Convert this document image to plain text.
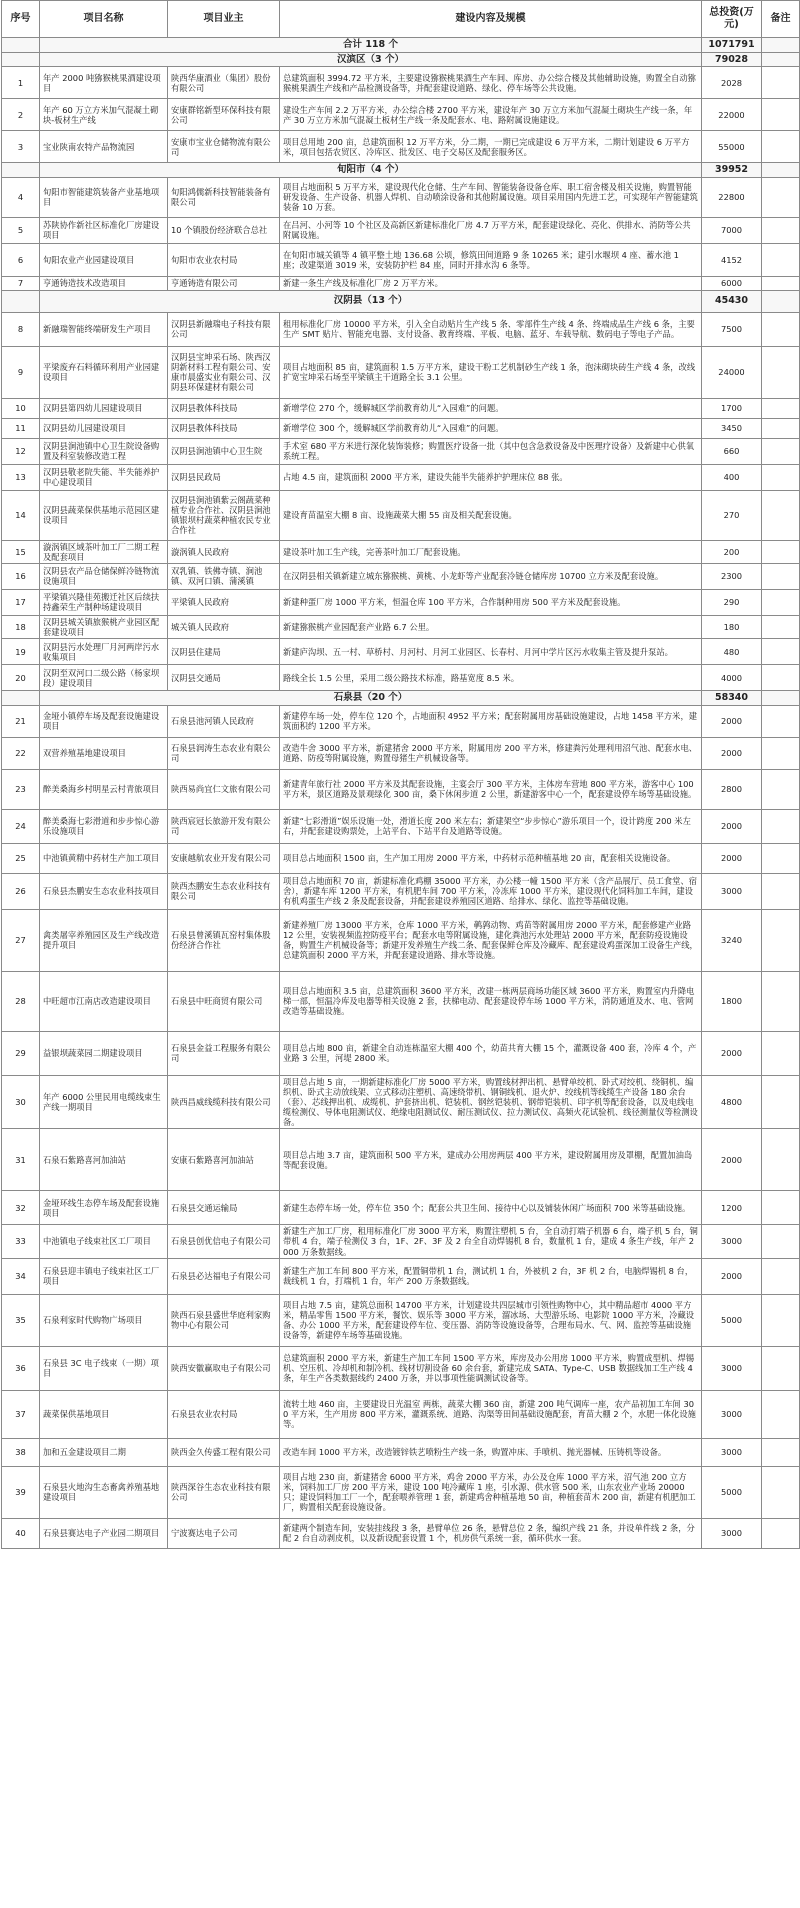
序号	项目名称	项目业主	建设内容及规模	总投资(万元)	备注
	合计 118 个			1071791	
	汉滨区（3 个）			79028	
1	年产 2000 吨猕猴桃果酒建设项目	陕西华康酒业（集团）股份有限公司	总建筑面积 3994.72 平方米，主要建设猕猴桃果酒生产车间、库房、办公综合楼及其他辅助设施，购置全自动猕猴桃果酒生产线和产品检测设备等，并配套建设道路、绿化、停车场等公共设施。	2028	
2	年产 60 万立方米加气混凝土砌块-板材生产线	安康群铭新型环保科技有限公司	建设生产车间 2.2 万平方米，办公综合楼 2700 平方米，建设年产 30 万立方米加气混凝土砌块生产线一条，年产 30 万立方米加气混凝土板材生产线一条及配套水、电、路附属设施建设。	22000	
3	宝业陕南农特产品物流园	安康市宝业仓储物流有限公司	项目总用地 200 亩，总建筑面积 12 万平方米，分二期，一期已完成建设 6 万平方米，二期计划建设 6 万平方米，项目包括农贸区、冷库区、批发区、电子交易区及配套服务区。	55000	
	旬阳市（4 个）			39952	
4	旬阳市智能建筑装备产业基地项目	旬阳鸿儒新科技智能装备有限公司	项目占地面积 5 万平方米，建设现代化仓储、生产车间、智能装备设备仓库、职工宿舍楼及相关设施，购置智能研发设备、生产设备、机器人焊机、自动喷涂设备和其他附属设施。项目采用国内先进工艺，可实现年产智能建筑装备 10 万套。	22800	
5	苏陕协作新社区标准化厂房建设项目	10 个镇股份经济联合总社	在吕河、小河等 10 个社区及高新区新建标准化厂房 4.7 万平方米，配套建设绿化、亮化、供排水、消防等公共附属设施。	7000	
6	旬阳农业产业园建设项目	旬阳市农业农村局	在旬阳市城关镇等 4 镇平整土地 136.68 公顷，修筑田间道路 9 条 10265 米；建引水堰坝 4 座、蓄水池 1 座；改建渠道 3019 米，安装防护栏 84 座，同时开排水沟 6 条等。	4152	
7	亨通铸造技术改造项目	亨通铸造有限公司	新建一条生产线及标准化厂房 2 万平方米。	6000	
	汉阴县（13 个）			45430	
8	新融瑞智能终端研发生产项目	汉阴县新融瑞电子科技有限公司	租用标准化厂房 10000 平方米，引入全自动贴片生产线 5 条、零部件生产线 4 条、终端成品生产线 6 条，主要生产 SMT 贴片、智能充电器、支付设备、教育终端、平板、电脑、蓝牙、车载导航、数码电子等电子产品。	7500	
9	平梁废弃石料循环利用产业园建设项目	汉阴县宝坤采石场、陕西汉阴新材料工程有限公司、安康市晨盛实业有限公司、汉阴县环保建材有限公司	项目占地面积 85 亩，建筑面积 1.5 万平方米，建设干粉工艺机制砂生产线 1 条，泡沫砌块砖生产线 4 条，改线扩宽宝坤采石场至平梁镇主干道路全长 3.1 公里。	24000	
10	汉阴县第四幼儿园建设项目	汉阴县教体科技局	新增学位 270 个，缓解城区学前教育幼儿“入园难”的问题。	1700	
11	汉阴县幼儿园建设项目	汉阴县教体科技局	新增学位 300 个，缓解城区学前教育幼儿“入园难”的问题。	3450	
12	汉阴县涧池镇中心卫生院设备购置及科室装修改造工程	汉阴县涧池镇中心卫生院	手术室 680 平方米进行深化装饰装修；购置医疗设备一批（其中包含急救设备及中医理疗设备）及新建中心供氧系统工程。	660	
13	汉阴县敬老院失能、半失能养护中心建设项目	汉阴县民政局	占地 4.5 亩，建筑面积 2000 平方米，建设失能半失能养护护理床位 88 张。	400	
14	汉阴县蔬菜保供基地示范园区建设项目	汉阴县涧池镇紫云阁蔬菜种植专业合作社、汉阴县涧池镇银坝村蔬菜种植农民专业合作社	建设育苗温室大棚 8 亩、设施蔬菜大棚 55 亩及相关配套设施。	270	
15	漩涡镇区域茶叶加工厂二期工程及配套项目	漩涡镇人民政府	建设茶叶加工生产线，完善茶叶加工厂配套设施。	200	
16	汉阴县农产品仓储保鲜冷链物流设施项目	双乳镇、铁佛寺镇、涧池镇、双河口镇、蒲溪镇	在汉阴县相关镇新建立城东猕猴桃、黄桃、小龙虾等产业配套冷链仓储库房 10700 立方米及配套设施。	2300	
17	平梁镇兴隆佳苑搬迁社区后续扶持鑫荣生产制种场建设项目	平梁镇人民政府	新建种蛋厂房 1000 平方米，恒温仓库 100 平方米，合作制种用房 500 平方米及配套设施。	290	
18	汉阴县城关镇旅猴桃产业园区配套建设项目	城关镇人民政府	新建猕猴桃产业园配套产业路 6.7 公里。	180	
19	汉阴县污水处理厂月河两岸污水收集项目	汉阴县住建局	新建庐沟坝、五一村、草桥村、月河村、月河工业园区、长春村、月河中学片区污水收集主管及提升泵站。	480	
20	汉阴至双河口二级公路（杨家坝段）建设项目	汉阴县交通局	路线全长 1.5 公里，采用二级公路技术标准，路基宽度 8.5 米。	4000	
	石泉县（20 个）			58340	
21	金垭小镇停车场及配套设施建设项目	石泉县池河镇人民政府	新建停车场一处，停车位 120 个，占地面积 4952 平方米；配套附属用房基础设施建设，占地 1458 平方米，建筑面积约 1200 平方米。	2000	
22	双营养殖基地建设项目	石泉县润涛生态农业有限公司	改造牛舍 3000 平方米，新建猪舍 2000 平方米，附属用房 200 平方米，修建粪污处理利用沼气池、配套水电、道路、防疫等附属设施，购置母猪生产机械设备等。	2000	
23	醉美桑海乡村明星云村青旅项目	陕西易尚宜仁文旅有限公司	新建青年旅行社 2000 平方米及其配套设施，主宴会厅 300 平方米，主体房车营地 800 平方米，游客中心 100 平方米，景区道路及景观绿化 300 亩，桑下休闲步道 2 公里，新建游客中心一个，配套建设停车场等基础设施。	2800	
24	醉美桑海七彩滑道和步步惊心游乐设施项目	陕西宸冠长旅游开发有限公司	新建“七彩滑道”娱乐设施一处，滑道长度 200 米左右；新建架空“步步惊心”游乐项目一个，设计跨度 200 米左右，并配套建设购票处，上站平台、下站平台及道路等设施。	2000	
25	中池镇黄精中药材生产加工项目	安康越航农业开发有限公司	项目总占地面积 1500 亩，生产加工用房 2000 平方米，中药材示范种植基地 20 亩，配套相关设施设备。	2000	
26	石泉县杰鹏安生态农业科技项目	陕西杰鹏安生态农业科技有限公司	项目总占地面积 70 亩，新建标准化鸡棚 35000 平方米，办公楼一幢 1500 平方米（含产品展厅、员工食堂、宿舍），新建车库 1200 平方米，有机肥车间 700 平方米，冷冻库 1000 平方米，建设现代化饲料加工车间，建设有机鸡蛋生产线 2 条及配套设备，并配套建设养殖园区道路、给排水、绿化、监控等基础设施。	3000	
27	禽类屠宰养殖园区及生产线改造提升项目	石泉县曾溪镇瓦窑村集体股份经济合作社	新建养殖厂房 13000 平方米，仓库 1000 平方米，鹌鹑动物、鸡苗等附属用房 2000 平方米，配套修建产业路 12 公里，安装视频监控防疫平台；配套水电等附属设施，建化粪池污水处理站 2000 平方米，配套防疫设施设备，购置生产机械设备等；新建开发养殖生产线二条、配套保鲜仓库及冷藏库、配套建设鸡蛋深加工设备生产线，总建筑面积 2000 平方米，并配套建设道路、排水等设施。	3240	
28	中旺超市江南店改造建设项目	石泉县中旺商贸有限公司	项目总占地面积 3.5 亩，总建筑面积 3600 平方米，改建一栋两层商场功能区域 3600 平方米，购置室内升降电梯一部，恒温冷库及电器等相关设施 2 套，扶梯电动、配套建设停车场 1000 平方米，消防通道及水、电、管网改造等基础设施。	1800	
29	益银坝蔬菜园二期建设项目	石泉县金益工程服务有限公司	项目总占地 800 亩，新建全自动连栋温室大棚 400 个，幼苗共育大棚 15 个，灌溉设备 400 套，冷库 4 个，产业路 3 公里，河堤 2800 米。	2000	
30	年产 6000 公里民用电缆线束生产线一期项目	陕西昌威线缆科技有限公司	项目总占地 5 亩，一期新建标准化厂房 5000 平方米，购置线材押出机、悬臂单绞机、卧式对绞机、绕铜机、编织机、卧式主动放线架、立式移动注塑机、高速绕带机、钢铜线机、退火炉、绞线机等线缆生产设备 180 余台（套）、芯线押出机、成缆机、护套挤出机、铠装机、钢丝铠装机、钢带铠装机、印字机等配套设备，以及电线电缆检测仪、导体电阻测试仪、绝缘电阻测试仪、耐压测试仪、拉力测试仪、高频火花试验机、线径测量仪等检测设备。	4800	
31	石泉石紫路喜河加油站	安康石紫路喜河加油站	项目总占地 3.7 亩，建筑面积 500 平方米，建成办公用房两层 400 平方米，建设附属用房及罩棚，配置加油岛等配套设施。	2000	
32	金垭环线生态停车场及配套设施项目	石泉县交通运输局	新建生态停车场一处，停车位 350 个；配套公共卫生间、接待中心以及铺装休闲广场面积 700 米等基础设施。	1200	
33	中池镇电子线束社区工厂项目	石泉县创优信电子有限公司	新建生产加工厂房，租用标准化厂房 3000 平方米，购置注塑机 5 台，全自动打端子机器 6 台，端子机 5 台，铜带机 4 台，端子检测仪 3 台，1F、2F、3F 及 2 台全自动焊锡机 8 台，数量机 1 台，建成 4 条生产线，年产 2000 万条数据线。	3000	
34	石泉县迎丰镇电子线束社区工厂项目	石泉县必达福电子有限公司	新建生产加工车间 800 平方米，配置铜带机 1 台，测试机 1 台，外被机 2 台，3F 机 2 台，电脑焊锡机 8 台，裁线机 1 台，打端机 1 台，年产 200 万条数据线。	2000	
35	石泉利家时代购物广场项目	陕西石泉县盛世华庭利家购物中心有限公司	项目占地 7.5 亩，建筑总面积 14700 平方米，计划建设共四层城市引领性购物中心，其中精品超市 4000 平方米，精品零售 1500 平方米，餐饮、娱乐等 3000 平方米，溜冰场、大型游乐场、电影院 1000 平方米，冷藏设备、办公 1000 平方米，配套建设停车位、变压器、消防等设施设备等，合理布局水、气、网、监控等基础设施设备等，新建停车场等基础设施。	5000	
36	石泉县 3C 电子线束（一期）项目	陕西安徽赢取电子有限公司	总建筑面积 2000 平方米，新建生产加工车间 1500 平方米，库房及办公用房 1000 平方米，购置成型机、焊锡机、空压机、冷却机和制冷机、线材切割设备 60 余台套，新建完成 SATA、Type-C、USB 数据线加工生产线 4 条，年生产各类数据线约 2400 万条，并以事项性能调测试设备等。	3000	
37	蔬菜保供基地项目	石泉县农业农村局	流转土地 460 亩，主要建设日光温室 两栋，蔬菜大棚 360 亩，新建 200 吨气调库一座，农产品初加工车间 300 平方米，生产用房 800 平方米，灌溉系统、道路、沟渠等田间基础设施配套，育苗大棚 2 个，水肥一体化设施等。	3000	
38	加和五金建设项目二期	陕西金久传盛工程有限公司	改造车间 1000 平方米，改造镀锌铁艺喷粉生产线一条，购置冲床、手喷机、抛光器械、压铸机等设备。	3000	
39	石泉县火地沟生态畜禽养殖基地建设项目	陕西深谷生态农业科技有限公司	项目占地 230 亩，新建猪舍 6000 平方米，鸡舍 2000 平方米，办公及仓库 1000 平方米，沼气池 200 立方米，饲料加工厂房 200 平方米，建设 100 吨冷藏库 1 座，引水源、供水管 500 米，山东农业产业场 20000 只；建设饲料加工厂一个，配套喂养管理 1 套，新建鸡舍种植基地 50 亩，种植套苗木 200 亩，新建有机肥加工厂，购置相关配套设施设备。	5000	
40	石泉县赛达电子产业园二期项目	宁波赛达电子公司	新建两个制造车间，安装挂线段 3 条，悬臂单位 26 条，悬臂总位 2 条，编织产线 21 条，并设单件线 2 条，分配 2 台自动剥皮机，以及新设配套设置 1 个，机房供气系统一套，循环供水一套。	3000	
